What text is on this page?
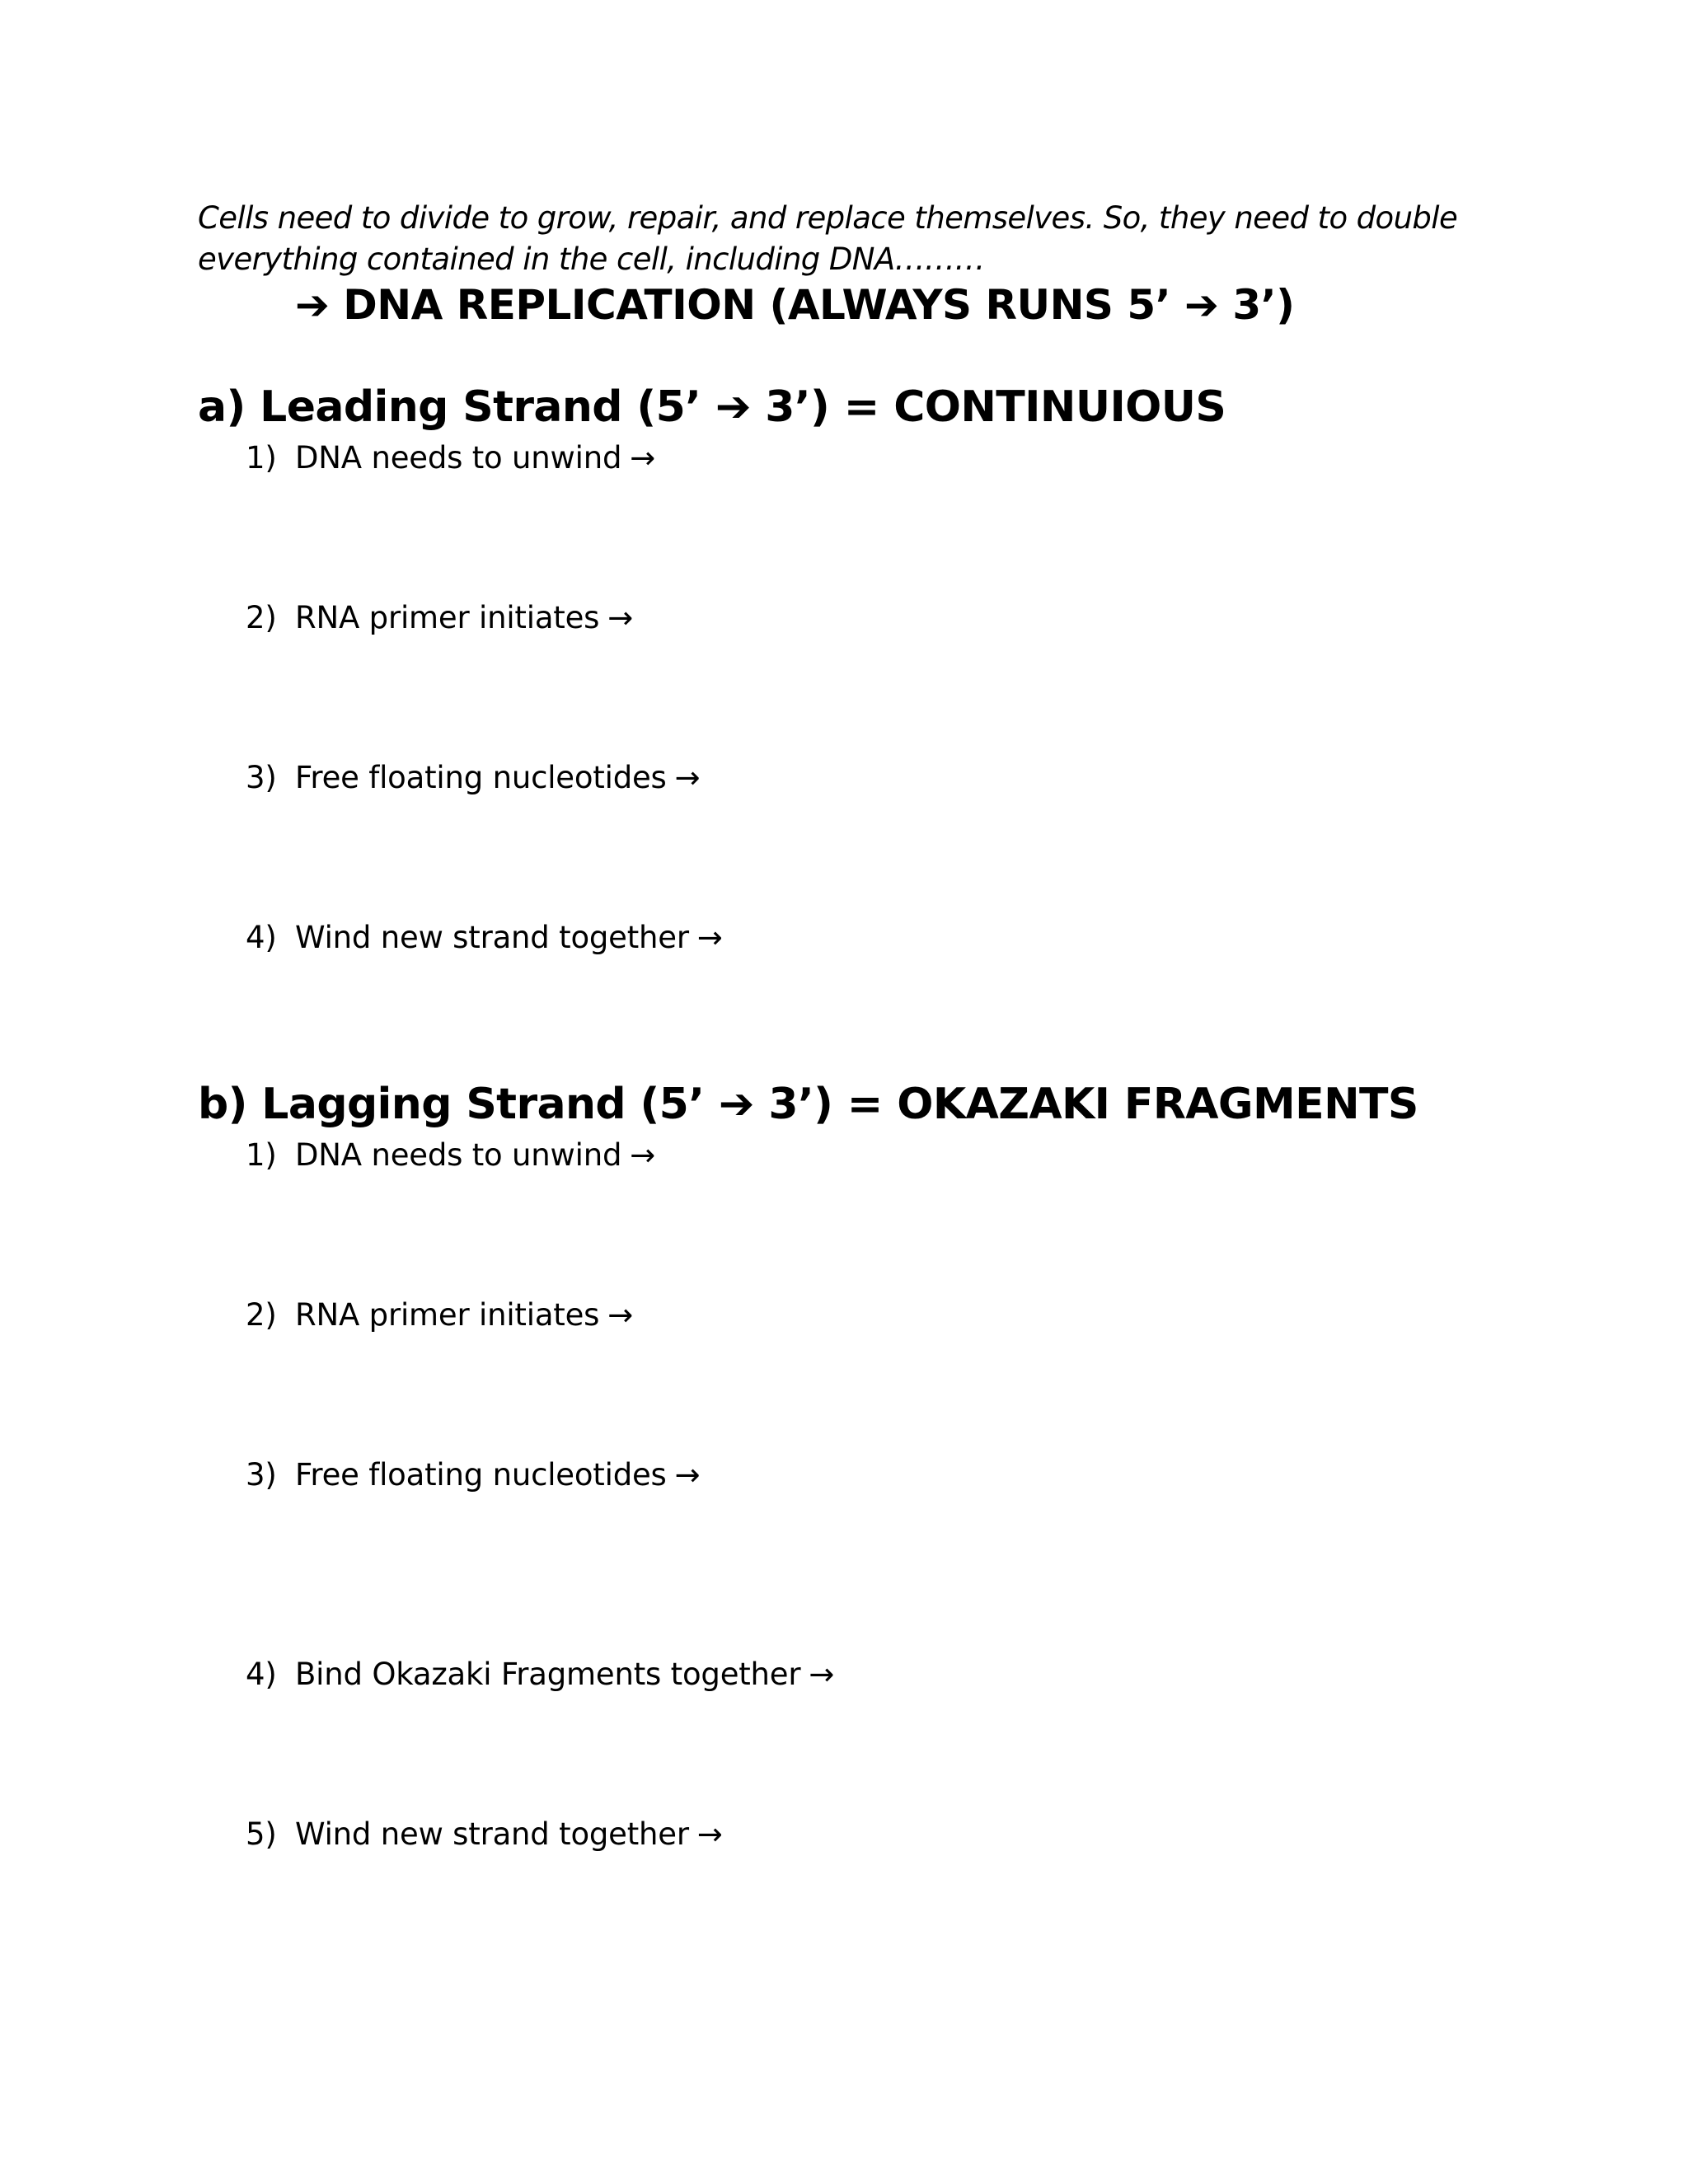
Cells need to divide to grow, repair, and replace themselves. So, they need to double everything contained in the cell, including DNA………

➔ DNA REPLICATION (ALWAYS RUNS 5’ ➔ 3’)
a) Leading Strand (5’ ➔ 3’) = CONTINUIOUS
1) DNA needs to unwind →
2) RNA primer initiates →
3) Free floating nucleotides →
4) Wind new strand together →
b) Lagging Strand (5’ ➔ 3’) = OKAZAKI FRAGMENTS
1) DNA needs to unwind →
2) RNA primer initiates →
3) Free floating nucleotides →
4) Bind Okazaki Fragments together →
5) Wind new strand together →
